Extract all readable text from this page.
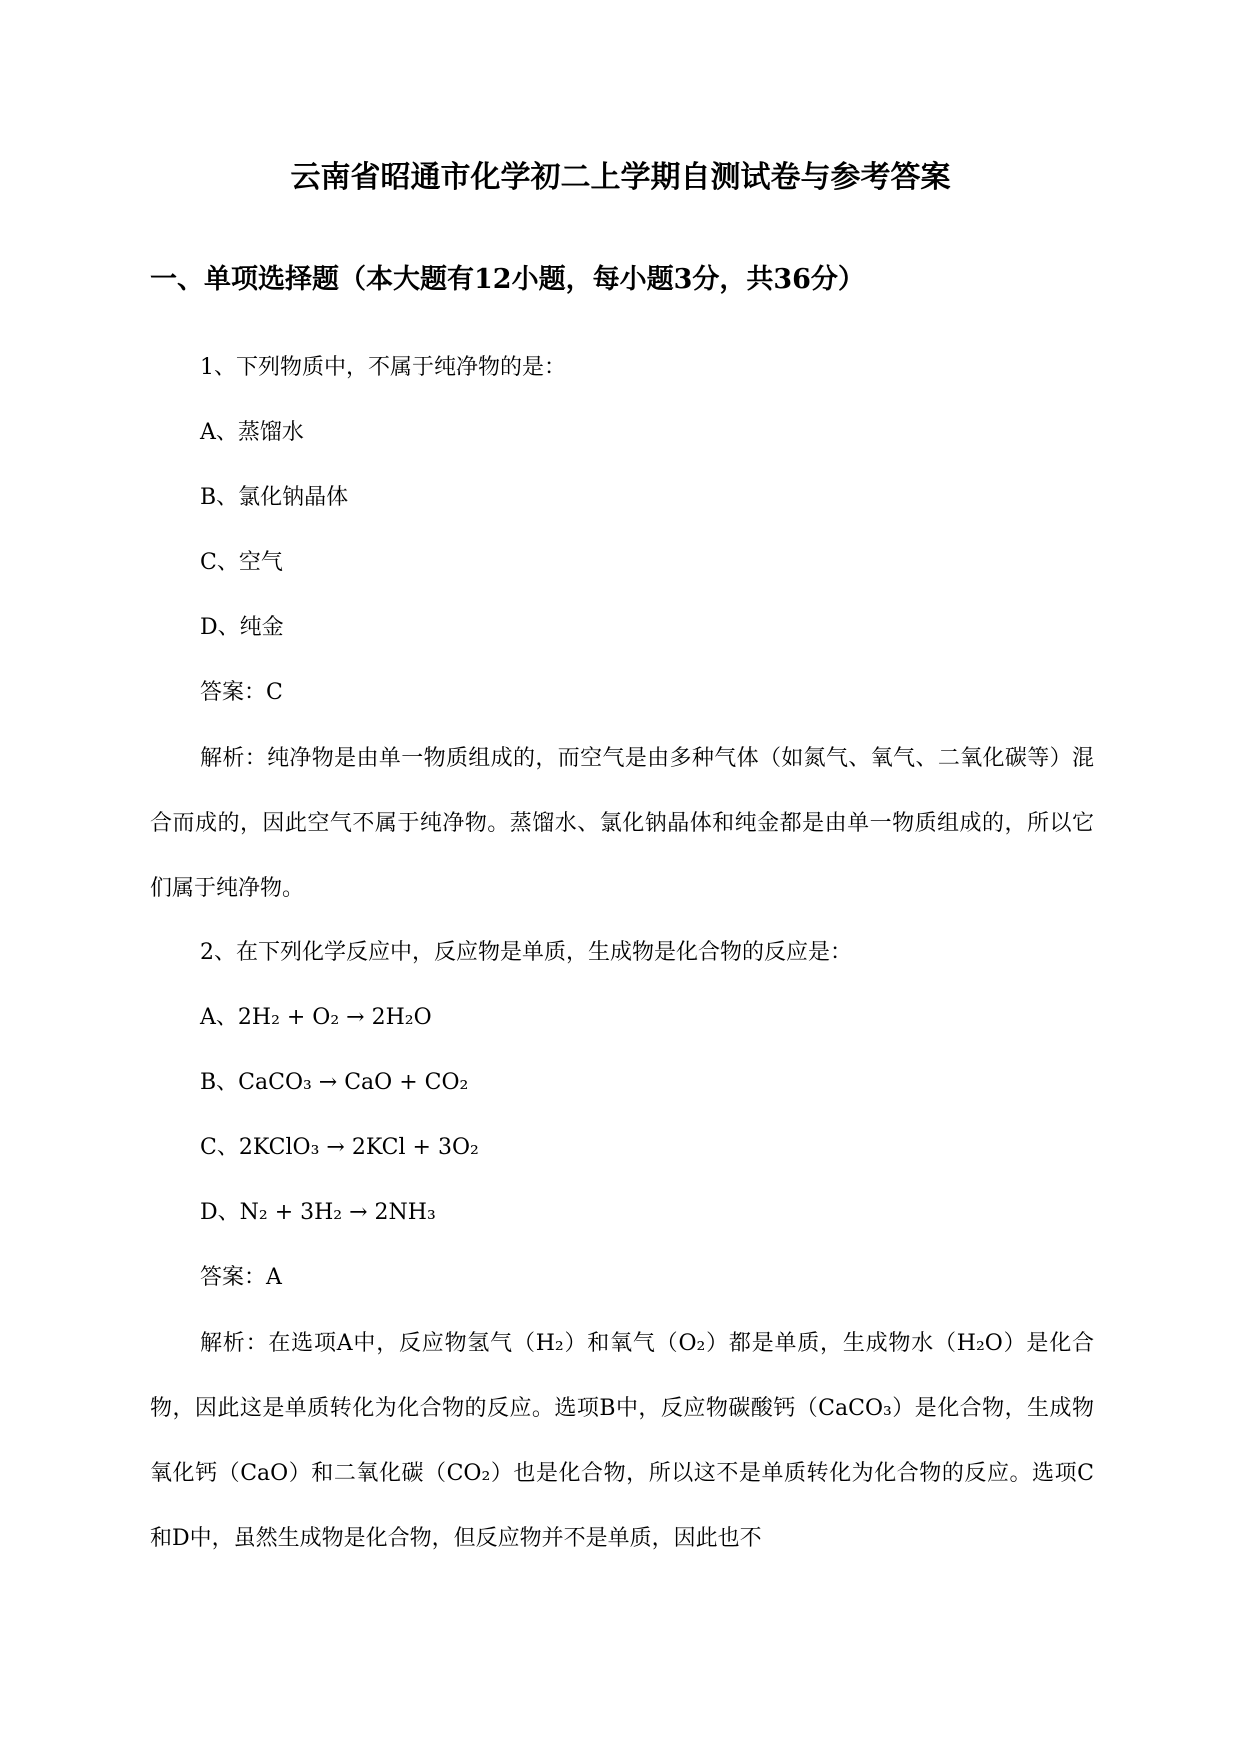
云南省昭通市化学初二上学期自测试卷与参考答案
一、单项选择题（本大题有12小题，每小题3分，共36分）
1、下列物质中，不属于纯净物的是：
A、蒸馏水
B、氯化钠晶体
C、空气
D、纯金
答案：C

解析：纯净物是由单一物质组成的，而空气是由多种气体（如氮气、氧气、二氧化碳等）混合而成的，因此空气不属于纯净物。蒸馏水、氯化钠晶体和纯金都是由单一物质组成的，所以它们属于纯净物。

2、在下列化学反应中，反应物是单质，生成物是化合物的反应是：
A、2H₂ + O₂ → 2H₂O
B、CaCO₃ → CaO + CO₂
C、2KClO₃ → 2KCl + 3O₂
D、N₂ + 3H₂ → 2NH₃
答案：A

解析：在选项A中，反应物氢气（H₂）和氧气（O₂）都是单质，生成物水（H₂O）是化合物，因此这是单质转化为化合物的反应。选项B中，反应物碳酸钙（CaCO₃）是化合物，生成物氧化钙（CaO）和二氧化碳（CO₂）也是化合物，所以这不是单质转化为化合物的反应。选项C和D中，虽然生成物是化合物，但反应物并不是单质，因此也不
